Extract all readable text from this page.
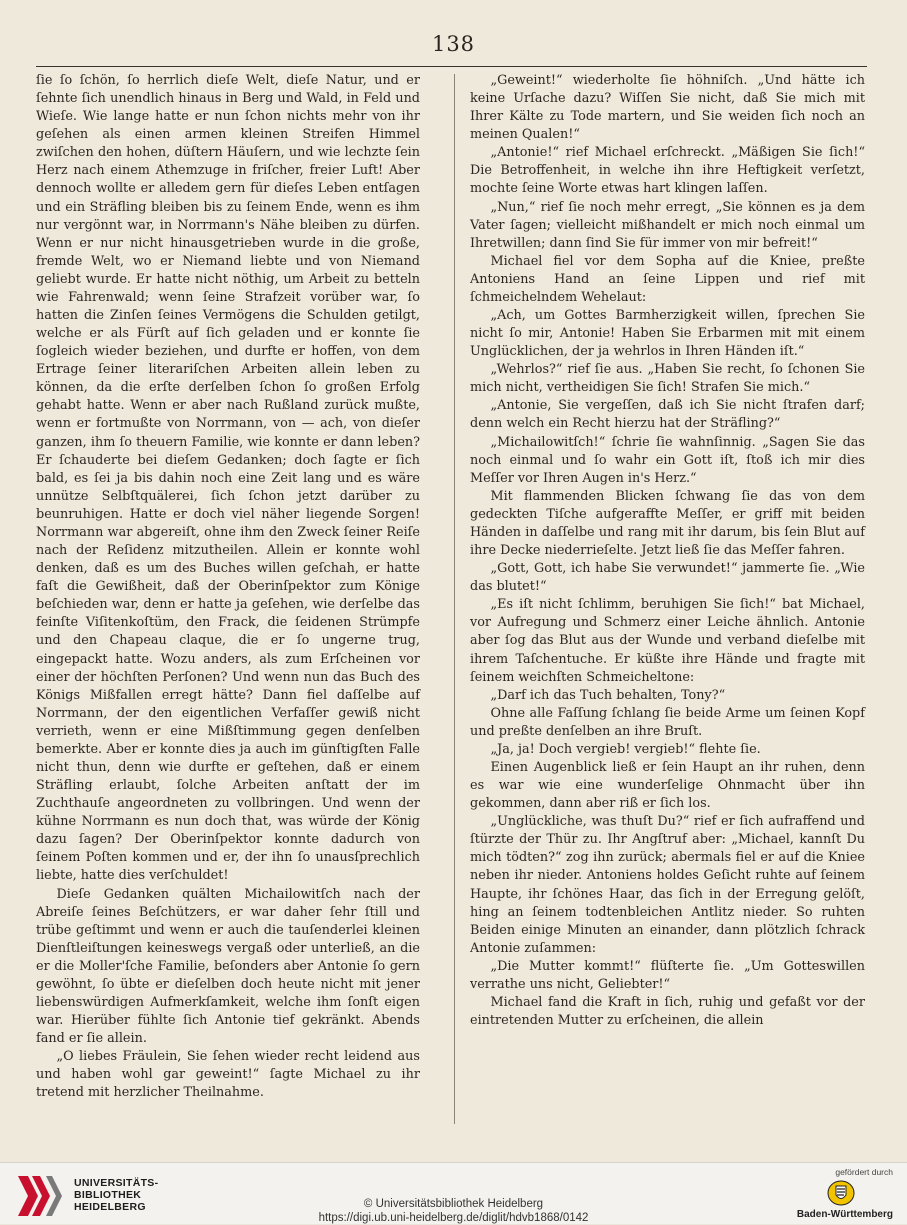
138

ſie ſo ſchön, ſo herrlich dieſe Welt, dieſe Natur, und er ſehnte ſich unendlich hinaus in Berg und Wald, in Feld und Wieſe. Wie lange hatte er nun ſchon nichts mehr von ihr geſehen als einen armen kleinen Streifen Himmel zwiſchen den hohen, düſtern Häuſern, und wie lechzte ſein Herz nach einem Athemzuge in friſcher, freier Luft! Aber dennoch wollte er alledem gern für dieſes Leben entſagen und ein Sträfling bleiben bis zu ſeinem Ende, wenn es ihm nur vergönnt war, in Norrmann's Nähe bleiben zu dürfen. Wenn er nur nicht hinausgetrieben wurde in die große, fremde Welt, wo er Niemand liebte und von Niemand geliebt wurde. Er hatte nicht nöthig, um Arbeit zu betteln wie Fahrenwald; wenn ſeine Strafzeit vorüber war, ſo hatten die Zinſen ſeines Vermögens die Schulden getilgt, welche er als Fürſt auf ſich geladen und er konnte ſie ſogleich wieder beziehen, und durfte er hoffen, von dem Ertrage ſeiner literariſchen Arbeiten allein leben zu können, da die erſte derſelben ſchon ſo großen Erfolg gehabt hatte. Wenn er aber nach Rußland zurück mußte, wenn er fortmußte von Norrmann, von — ach, von dieſer ganzen, ihm ſo theuern Familie, wie konnte er dann leben? Er ſchauderte bei dieſem Gedanken; doch ſagte er ſich bald, es ſei ja bis dahin noch eine Zeit lang und es wäre unnütze Selbſtquälerei, ſich ſchon jetzt darüber zu beunruhigen. Hatte er doch viel näher liegende Sorgen! Norrmann war abgereiſt, ohne ihm den Zweck ſeiner Reiſe nach der Reſidenz mitzutheilen. Allein er konnte wohl denken, daß es um des Buches willen geſchah, er hatte faſt die Gewißheit, daß der Oberinſpektor zum Könige beſchieden war, denn er hatte ja geſehen, wie derſelbe das feinſte Viſitenkoſtüm, den Frack, die ſeidenen Strümpfe und den Chapeau claque, die er ſo ungerne trug, eingepackt hatte. Wozu anders, als zum Erſcheinen vor einer der höchſten Perſonen? Und wenn nun das Buch des Königs Mißfallen erregt hätte? Dann fiel daſſelbe auf Norrmann, der den eigentlichen Verfaſſer gewiß nicht verrieth, wenn er eine Mißſtimmung gegen denſelben bemerkte. Aber er konnte dies ja auch im günſtigſten Falle nicht thun, denn wie durfte er geſtehen, daß er einem Sträfling erlaubt, ſolche Arbeiten anſtatt der im Zuchthauſe angeordneten zu vollbringen. Und wenn der kühne Norrmann es nun doch that, was würde der König dazu ſagen? Der Oberinſpektor konnte dadurch von ſeinem Poſten kommen und er, der ihn ſo unausſprechlich liebte, hatte dies verſchuldet!

Dieſe Gedanken quälten Michailowitſch nach der Abreiſe ſeines Beſchützers, er war daher ſehr ſtill und trübe geſtimmt und wenn er auch die tauſenderlei kleinen Dienſtleiſtungen keineswegs vergaß oder unterließ, an die er die Moller'ſche Familie, beſonders aber Antonie ſo gern gewöhnt, ſo übte er dieſelben doch heute nicht mit jener liebenswürdigen Aufmerkſamkeit, welche ihm ſonſt eigen war. Hierüber fühlte ſich Antonie tief gekränkt. Abends fand er ſie allein.

„O liebes Fräulein, Sie ſehen wieder recht leidend aus und haben wohl gar geweint!“ ſagte Michael zu ihr tretend mit herzlicher Theilnahme.

„Geweint!“ wiederholte ſie höhniſch. „Und hätte ich keine Urſache dazu? Wiſſen Sie nicht, daß Sie mich mit Ihrer Kälte zu Tode martern, und Sie weiden ſich noch an meinen Qualen!“

„Antonie!“ rief Michael erſchreckt. „Mäßigen Sie ſich!“ Die Betroffenheit, in welche ihn ihre Heftigkeit verſetzt, mochte ſeine Worte etwas hart klingen laſſen.

„Nun,“ rief ſie noch mehr erregt, „Sie können es ja dem Vater ſagen; vielleicht mißhandelt er mich noch einmal um Ihretwillen; dann ſind Sie für immer von mir befreit!“

Michael fiel vor dem Sopha auf die Kniee, preßte Antoniens Hand an ſeine Lippen und rief mit ſchmeichelndem Wehelaut:

„Ach, um Gottes Barmherzigkeit willen, ſprechen Sie nicht ſo mir, Antonie! Haben Sie Erbarmen mit mit einem Unglücklichen, der ja wehrlos in Ihren Händen iſt.“

„Wehrlos?“ rief ſie aus. „Haben Sie recht, ſo ſchonen Sie mich nicht, vertheidigen Sie ſich! Strafen Sie mich.“

„Antonie, Sie vergeſſen, daß ich Sie nicht ſtrafen darf; denn welch ein Recht hierzu hat der Sträfling?“

„Michailowitſch!“ ſchrie ſie wahnſinnig. „Sagen Sie das noch einmal und ſo wahr ein Gott iſt, ſtoß ich mir dies Meſſer vor Ihren Augen in's Herz.“

Mit flammenden Blicken ſchwang ſie das von dem gedeckten Tiſche aufgeraffte Meſſer, er griff mit beiden Händen in daſſelbe und rang mit ihr darum, bis ſein Blut auf ihre Decke niederrieſelte. Jetzt ließ ſie das Meſſer fahren.

„Gott, Gott, ich habe Sie verwundet!“ jammerte ſie. „Wie das blutet!“

„Es iſt nicht ſchlimm, beruhigen Sie ſich!“ bat Michael, vor Aufregung und Schmerz einer Leiche ähnlich. Antonie aber ſog das Blut aus der Wunde und verband dieſelbe mit ihrem Taſchentuche. Er küßte ihre Hände und fragte mit ſeinem weichſten Schmeicheltone:

„Darf ich das Tuch behalten, Tony?“

Ohne alle Faſſung ſchlang ſie beide Arme um ſeinen Kopf und preßte denſelben an ihre Bruſt.

„Ja, ja! Doch vergieb! vergieb!“ flehte ſie.

Einen Augenblick ließ er ſein Haupt an ihr ruhen, denn es war wie eine wunderſelige Ohnmacht über ihn gekommen, dann aber riß er ſich los.

„Unglückliche, was thuſt Du?“ rief er ſich aufraffend und ſtürzte der Thür zu. Ihr Angſtruf aber: „Michael, kannſt Du mich tödten?“ zog ihn zurück; abermals fiel er auf die Kniee neben ihr nieder. Antoniens holdes Geſicht ruhte auf ſeinem Haupte, ihr ſchönes Haar, das ſich in der Erregung gelöſt, hing an ſeinem todtenbleichen Antlitz nieder. So ruhten Beiden einige Minuten an einander, dann plötzlich ſchrack Antonie zuſammen:

„Die Mutter kommt!“ flüſterte ſie. „Um Gotteswillen verrathe uns nicht, Geliebter!“

Michael fand die Kraft in ſich, ruhig und gefaßt vor der eintretenden Mutter zu erſcheinen, die allein

UNIVERSITÄTS-
BIBLIOTHEK
HEIDELBERG	© Universitätsbibliothek Heidelberg
https://digi.ub.uni-heidelberg.de/diglit/hdvb1868/0142
gefördert durch
Baden-Württemberg
